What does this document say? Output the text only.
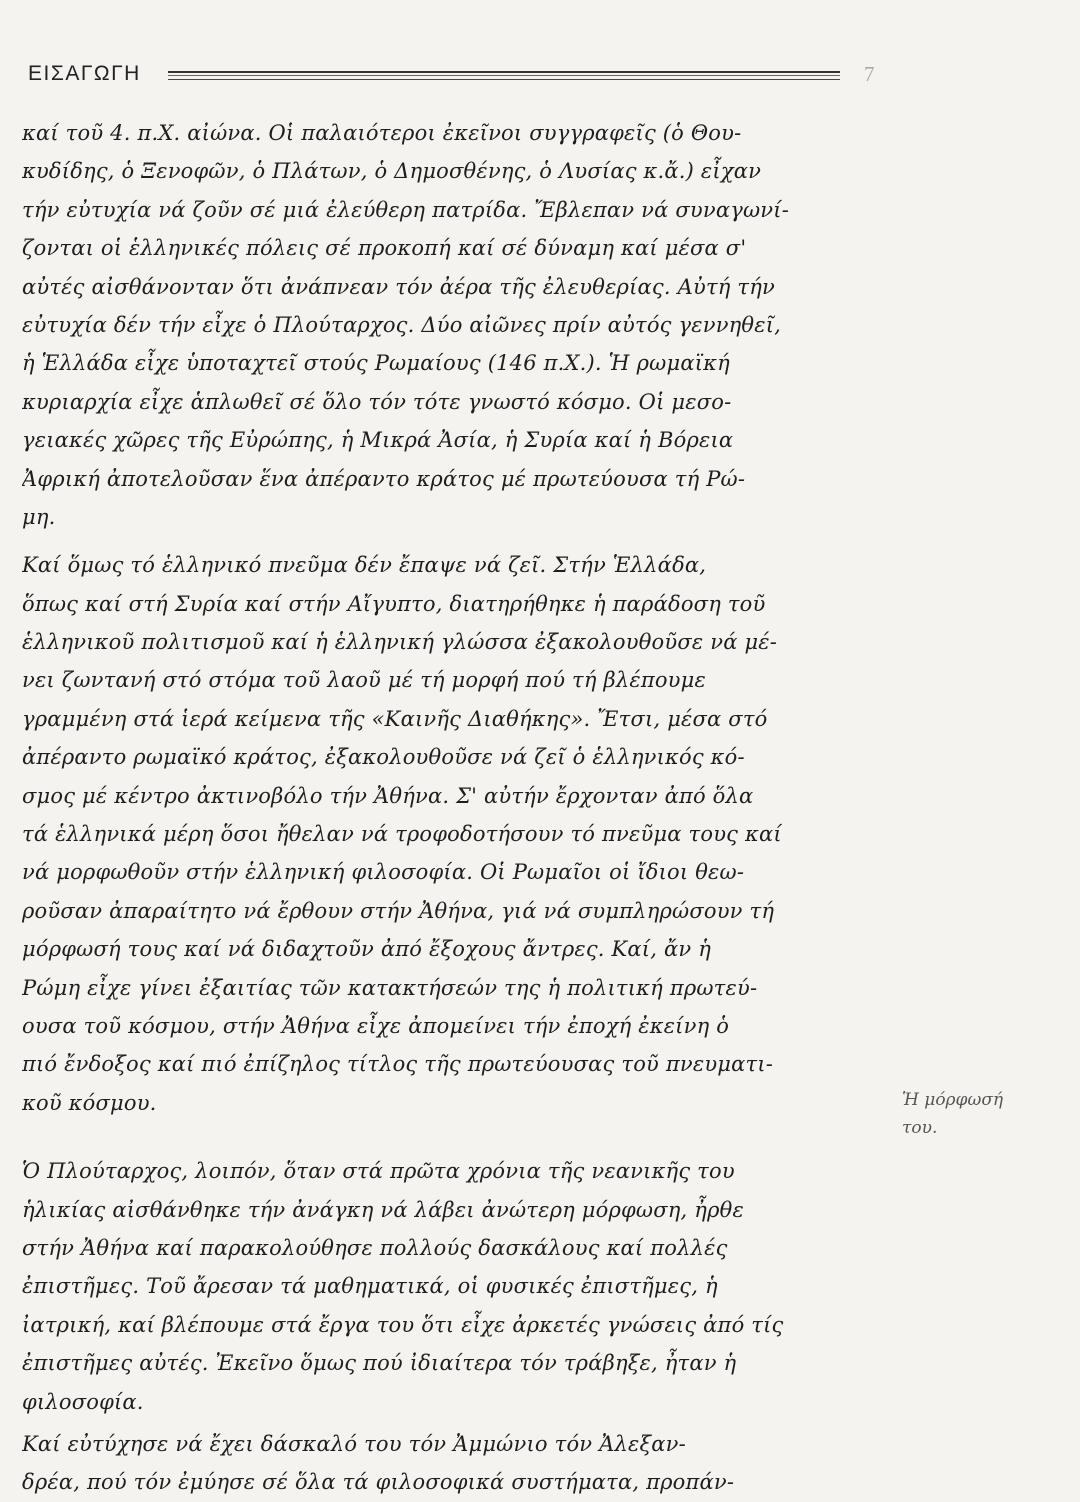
ΕΙΣΑΓΩΓΗ	7
καί τοῦ 4. π.Χ. αἰώνα. Οἱ παλαιότεροι ἐκεῖνοι συγγραφεῖς (ὁ Θου-
κυδίδης, ὁ Ξενοφῶν, ὁ Πλάτων, ὁ Δημοσθένης, ὁ Λυσίας κ.ἄ.) εἶχαν
τήν εὐτυχία νά ζοῦν σέ μιά ἐλεύθερη πατρίδα. Ἔβλεπαν νά συναγωνί-
ζονται οἱ ἑλληνικές πόλεις σέ προκοπή καί σέ δύναμη καί μέσα σ'
αὐτές αἰσθάνονταν ὅτι ἀνάπνεαν τόν ἀέρα τῆς ἐλευθερίας. Αὐτή τήν
εὐτυχία δέν τήν εἶχε ὁ Πλούταρχος. Δύο αἰῶνες πρίν αὐτός γεννηθεῖ,
ἡ Ἑλλάδα εἶχε ὑποταχτεῖ στούς Ρωμαίους (146 π.Χ.). Ἡ ρωμαϊκή
κυριαρχία εἶχε ἁπλωθεῖ σέ ὅλο τόν τότε γνωστό κόσμο. Οἱ μεσο-
γειακές χῶρες τῆς Εὐρώπης, ἡ Μικρά Ἀσία, ἡ Συρία καί ἡ Βόρεια
Ἀφρική ἀποτελοῦσαν ἕνα ἀπέραντο κράτος μέ πρωτεύουσα τή Ρώ-
μη.
Καί ὅμως τό ἑλληνικό πνεῦμα δέν ἔπαψε νά ζεῖ. Στήν Ἑλλάδα,
ὅπως καί στή Συρία καί στήν Αἴγυπτο, διατηρήθηκε ἡ παράδοση τοῦ
ἑλληνικοῦ πολιτισμοῦ καί ἡ ἑλληνική γλώσσα ἐξακολουθοῦσε νά μέ-
νει ζωντανή στό στόμα τοῦ λαοῦ μέ τή μορφή πού τή βλέπουμε
γραμμένη στά ἱερά κείμενα τῆς «Καινῆς Διαθήκης». Ἔτσι, μέσα στό
ἀπέραντο ρωμαϊκό κράτος, ἐξακολουθοῦσε νά ζεῖ ὁ ἑλληνικός κό-
σμος μέ κέντρο ἀκτινοβόλο τήν Ἀθήνα. Σ' αὐτήν ἔρχονταν ἀπό ὅλα
τά ἑλληνικά μέρη ὅσοι ἤθελαν νά τροφοδοτήσουν τό πνεῦμα τους καί
νά μορφωθοῦν στήν ἑλληνική φιλοσοφία. Οἱ Ρωμαῖοι οἱ ἴδιοι θεω-
ροῦσαν ἀπαραίτητο νά ἔρθουν στήν Ἀθήνα, γιά νά συμπληρώσουν τή
μόρφωσή τους καί νά διδαχτοῦν ἀπό ἔξοχους ἄντρες. Καί, ἄν ἡ
Ρώμη εἶχε γίνει ἐξαιτίας τῶν κατακτήσεών της ἡ πολιτική πρωτεύ-
ουσα τοῦ κόσμου, στήν Ἀθήνα εἶχε ἀπομείνει τήν ἐποχή ἐκείνη ὁ
πιό ἔνδοξος καί πιό ἐπίζηλος τίτλος τῆς πρωτεύουσας τοῦ πνευματι-
κοῦ κόσμου.
Ὁ Πλούταρχος, λοιπόν, ὅταν στά πρῶτα χρόνια τῆς νεανικῆς του
ἡλικίας αἰσθάνθηκε τήν ἀνάγκη νά λάβει ἀνώτερη μόρφωση, ἦρθε
στήν Ἀθήνα καί παρακολούθησε πολλούς δασκάλους καί πολλές
ἐπιστῆμες. Τοῦ ἄρεσαν τά μαθηματικά, οἱ φυσικές ἐπιστῆμες, ἡ
ἰατρική, καί βλέπουμε στά ἔργα του ὅτι εἶχε ἀρκετές γνώσεις ἀπό τίς
ἐπιστῆμες αὐτές. Ἐκεῖνο ὅμως πού ἰδιαίτερα τόν τράβηξε, ἦταν ἡ
φιλοσοφία.
Καί εὐτύχησε νά ἔχει δάσκαλό του τόν Ἀμμώνιο τόν Ἀλεξαν-
δρέα, πού τόν ἐμύησε σέ ὅλα τά φιλοσοφικά συστήματα, προπάν-
Ἡ μόρφωσή
του.
